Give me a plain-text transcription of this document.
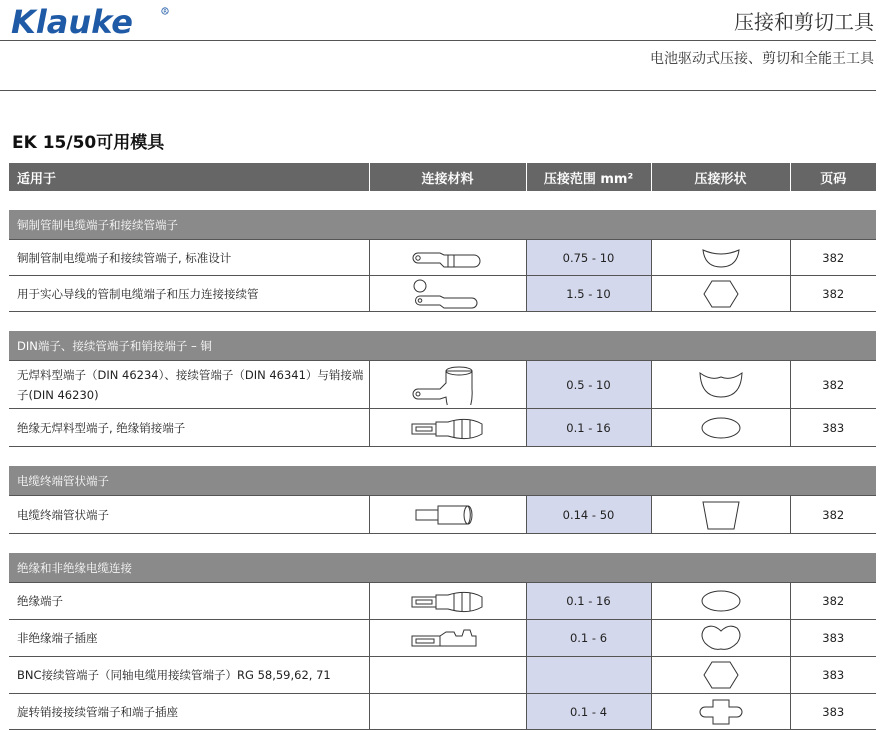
Klauke	R	压接和剪切工具
电池驱动式压接、剪切和全能王工具
EK 15/50可用模具
适用于	连接材料	压接范围 mm²	压接形状	页码

铜制管制电缆端子和接续管端子				
铜制管制电缆端子和接续管端子, 标准设计		0.75 - 10		382
用于实心导线的管制电缆端子和压力连接接续管		1.5 - 10		382

DIN端子、接续管端子和销接端子 – 铜				
无焊料型端子（DIN 46234）、接续管端子（DIN 46341）与销接端子(DIN 46230)		0.5 - 10		382
绝缘无焊料型端子, 绝缘销接端子		0.1 - 16		383

电缆终端管状端子				
电缆终端管状端子		0.14 - 50		382

绝缘和非绝缘电缆连接				
绝缘端子		0.1 - 16		382
非绝缘端子插座		0.1 - 6		383
BNC接续管端子（同轴电缆用接续管端子）RG 58,59,62, 71				383
旋转销接接续管端子和端子插座		0.1 - 4		383
